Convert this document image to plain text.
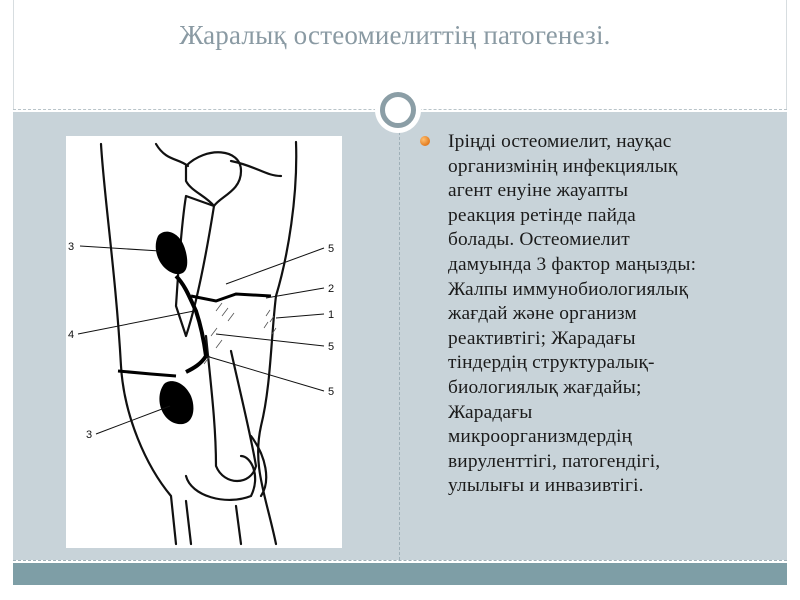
Жаралық остеомиелиттің патогенезі.
3	5
2
1
4
5
5
3
Іріңді остеомиелит, науқас
организмінің инфекциялық
агент енуіне жауапты
реакция ретінде пайда
болады. Остеомиелит
дамуында 3 фактор маңызды:
Жалпы иммунобиологиялық
жағдай және организм
реактивтігі; Жарадағы
тіндердің структуралық-
биологиялық жағдайы;
Жарадағы
микроорганизмдердің
вируленттігі, патогендігі,
улылығы и инвазивтігі.
